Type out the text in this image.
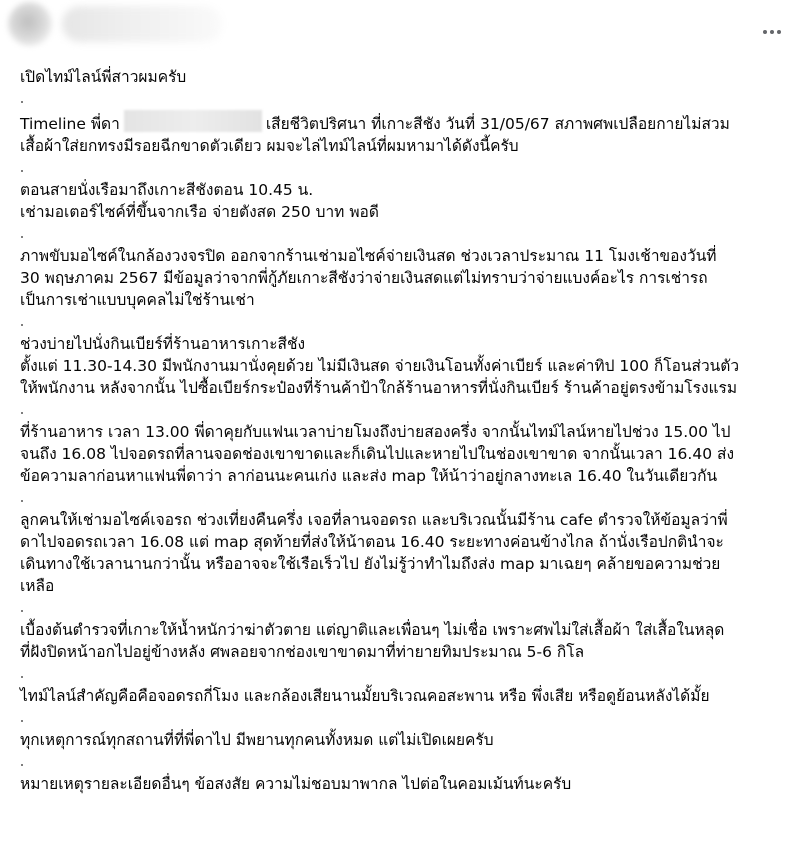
เปิดไทม์ไลน์พี่สาวผมครับ

Timeline พี่ดา	เสียชีวิตปริศนา ที่เกาะสีชัง วันที่ 31/05/67 สภาพศพเปลือยกายไม่สวม

เสื้อผ้าใส่ยกทรงมีรอยฉีกขาดตัวเดียว ผมจะไล่ไทม์ไลน์ที่ผมหามาได้ดังนี้ครับ

ตอนสายนั่งเรือมาถึงเกาะสีชังตอน 10.45 น.

เช่ามอเตอร์ไซค์ที่ขึ้นจากเรือ จ่ายตังสด 250 บาท พอดี

ภาพขับมอไซค์ในกล้องวงจรปิด ออกจากร้านเช่ามอไซค์จ่ายเงินสด ช่วงเวลาประมาณ 11 โมงเช้าของวันที่

30 พฤษภาคม 2567 มีข้อมูลว่าจากพี่กู้ภัยเกาะสีชังว่าจ่ายเงินสดแต่ไม่ทราบว่าจ่ายแบงค์อะไร การเช่ารถ

เป็นการเช่าแบบบุคคลไม่ใช่ร้านเช่า

ช่วงบ่ายไปนั่งกินเบียร์ที่ร้านอาหารเกาะสีชัง

ตั้งแต่ 11.30-14.30 มีพนักงานมานั่งคุยด้วย ไม่มีเงินสด จ่ายเงินโอนทั้งค่าเบียร์ และค่าทิป 100 ก็โอนส่วนตัว

ให้พนักงาน หลังจากนั้น ไปซื้อเบียร์กระป๋องที่ร้านค้าป้าใกล้ร้านอาหารที่นั่งกินเบียร์ ร้านค้าอยู่ตรงข้ามโรงแรม

ที่ร้านอาหาร เวลา 13.00 พี่ดาคุยกับแฟนเวลาบ่ายโมงถึงบ่ายสองครึ่ง จากนั้นไทม์ไลน์หายไปช่วง 15.00 ไป

จนถึง 16.08 ไปจอดรถที่ลานจอดช่องเขาขาดและก็เดินไปและหายไปในช่องเขาขาด จากนั้นเวลา 16.40 ส่ง

ข้อความลาก่อนหาแฟนพี่ดาว่า ลาก่อนนะคนเก่ง และส่ง map ให้น้าว่าอยู่กลางทะเล 16.40 ในวันเดียวกัน

ลูกคนให้เช่ามอไซค์เจอรถ ช่วงเที่ยงคืนครึ่ง เจอที่ลานจอดรถ และบริเวณนั้นมีร้าน cafe ตำรวจให้ข้อมูลว่าพี่

ดาไปจอดรถเวลา 16.08 แต่ map สุดท้ายที่ส่งให้น้าตอน 16.40 ระยะทางค่อนข้างไกล ถ้านั่งเรือปกตินำจะ

เดินทางใช้เวลานานกว่านั้น หรืออาจจะใช้เรือเร็วไป ยังไม่รู้ว่าทำไมถึงส่ง map มาเฉยๆ คล้ายขอความช่วย

เหลือ

เบื้องต้นตำรวจที่เกาะให้น้ำหนักว่าฆ่าตัวตาย แต่ญาติและเพื่อนๆ ไม่เชื่อ เพราะศพไม่ใส่เสื้อผ้า ใส่เสื้อในหลุด

ที่ฝังปิดหน้าอกไปอยู่ข้างหลัง ศพลอยจากช่องเขาขาดมาที่ท่ายายทิมประมาณ 5-6 กิโล

ไทม์ไลน์สำคัญคือคือจอดรถกี่โมง และกล้องเสียนานมั้ยบริเวณคอสะพาน หรือ พึ่งเสีย หรือดูย้อนหลังได้มั้ย

ทุกเหตุการณ์ทุกสถานที่ที่พี่ดาไป มีพยานทุกคนทั้งหมด แต่ไม่เปิดเผยครับ

หมายเหตุรายละเอียดอื่นๆ ข้อสงสัย ความไม่ชอบมาพากล ไปต่อในคอมเม้นท์นะครับ
